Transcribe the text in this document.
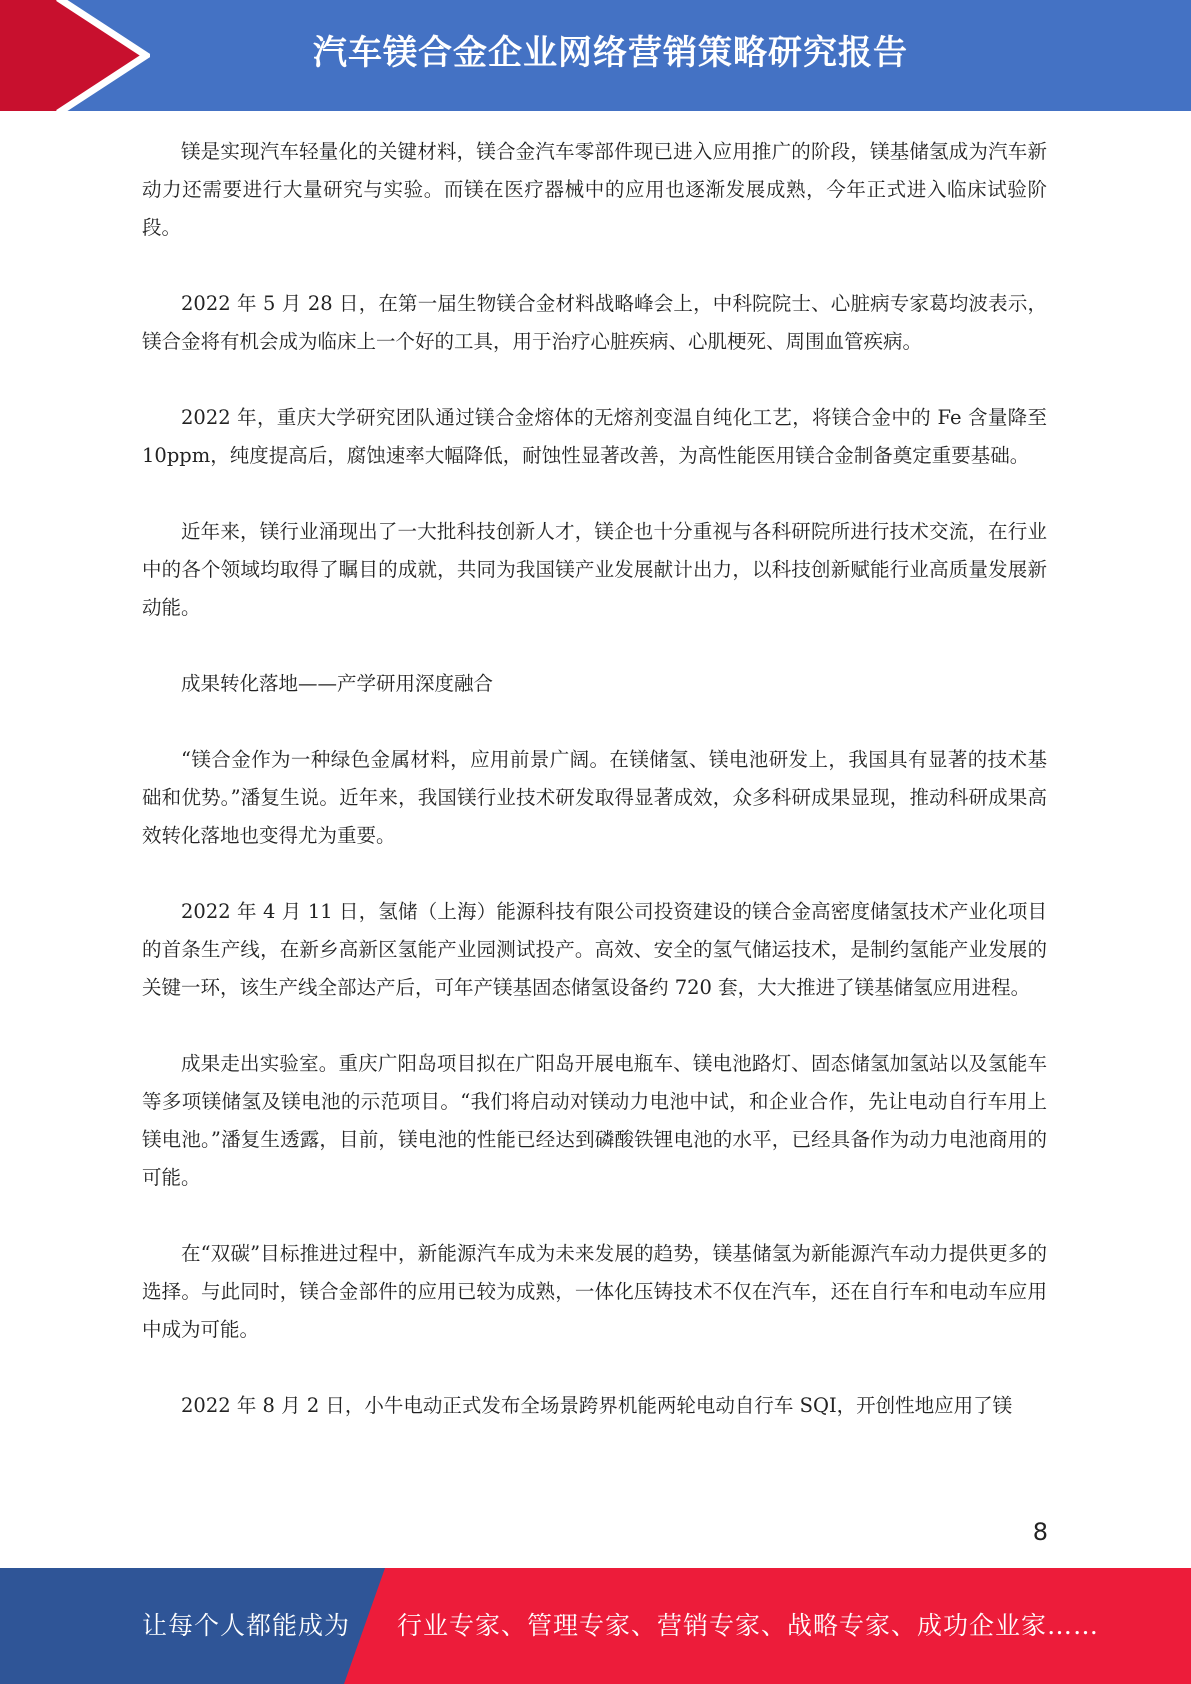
汽车镁合金企业网络营销策略研究报告

镁是实现汽车轻量化的关键材料，镁合金汽车零部件现已进入应用推广的阶段，镁基储氢成为汽车新动力还需要进行大量研究与实验。而镁在医疗器械中的应用也逐渐发展成熟，今年正式进入临床试验阶段。

2022 年 5 月 28 日，在第一届生物镁合金材料战略峰会上，中科院院士、心脏病专家葛均波表示，镁合金将有机会成为临床上一个好的工具，用于治疗心脏疾病、心肌梗死、周围血管疾病。

2022 年，重庆大学研究团队通过镁合金熔体的无熔剂变温自纯化工艺，将镁合金中的 Fe 含量降至 10ppm，纯度提高后，腐蚀速率大幅降低，耐蚀性显著改善，为高性能医用镁合金制备奠定重要基础。

近年来，镁行业涌现出了一大批科技创新人才，镁企也十分重视与各科研院所进行技术交流，在行业中的各个领域均取得了瞩目的成就，共同为我国镁产业发展献计出力，以科技创新赋能行业高质量发展新动能。

成果转化落地——产学研用深度融合

“镁合金作为一种绿色金属材料，应用前景广阔。在镁储氢、镁电池研发上，我国具有显著的技术基础和优势。”潘复生说。近年来，我国镁行业技术研发取得显著成效，众多科研成果显现，推动科研成果高效转化落地也变得尤为重要。

2022 年 4 月 11 日，氢储（上海）能源科技有限公司投资建设的镁合金高密度储氢技术产业化项目的首条生产线，在新乡高新区氢能产业园测试投产。高效、安全的氢气储运技术，是制约氢能产业发展的关键一环，该生产线全部达产后，可年产镁基固态储氢设备约 720 套，大大推进了镁基储氢应用进程。

成果走出实验室。重庆广阳岛项目拟在广阳岛开展电瓶车、镁电池路灯、固态储氢加氢站以及氢能车等多项镁储氢及镁电池的示范项目。“我们将启动对镁动力电池中试，和企业合作，先让电动自行车用上镁电池。”潘复生透露，目前，镁电池的性能已经达到磷酸铁锂电池的水平，已经具备作为动力电池商用的可能。

在“双碳”目标推进过程中，新能源汽车成为未来发展的趋势，镁基储氢为新能源汽车动力提供更多的选择。与此同时，镁合金部件的应用已较为成熟，一体化压铸技术不仅在汽车，还在自行车和电动车应用中成为可能。

2022 年 8 月 2 日，小牛电动正式发布全场景跨界机能两轮电动自行车 SQI，开创性地应用了镁

8
让每个人都能成为 行业专家、管理专家、营销专家、战略专家、成功企业家……
